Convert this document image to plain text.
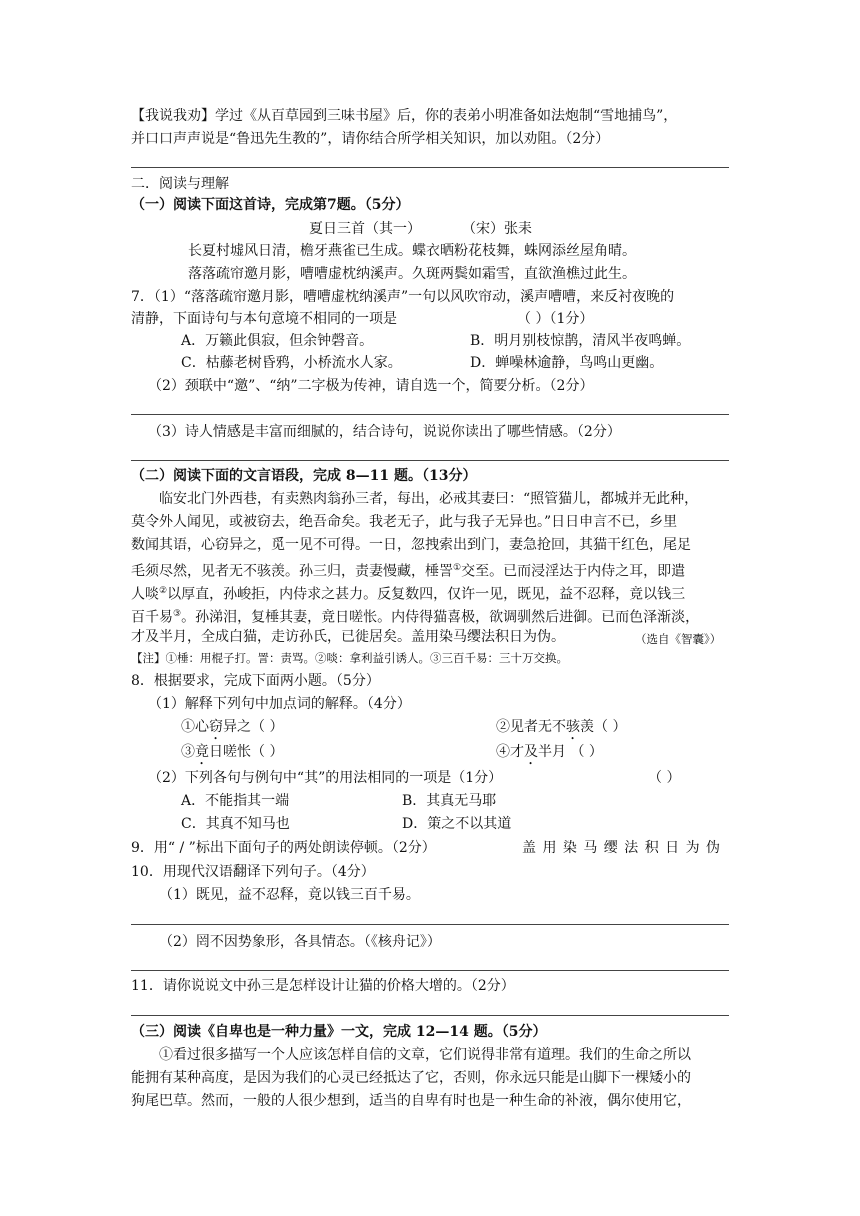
【我说我劝】学过《从百草园到三味书屋》后，你的表弟小明准备如法炮制“雪地捕鸟”，
并口口声声说是“鲁迅先生教的”，请你结合所学相关知识，加以劝阻。（2分）
二．阅读与理解
（一）阅读下面这首诗，完成第7题。（5分）
夏日三首（其一）	（宋）张耒
长夏村墟风日清，檐牙燕雀已生成。蝶衣晒粉花枝舞，蛛网添丝屋角晴。
落落疏帘邀月影，嘈嘈虚枕纳溪声。久斑两鬓如霜雪，直欲渔樵过此生。
7．（1）“落落疏帘邀月影，嘈嘈虚枕纳溪声”一句以风吹帘动，溪声嘈嘈，来反衬夜晚的
清静，下面诗句与本句意境不相同的一项是	（ ）（1分）
A．万籁此俱寂，但余钟磬音。	B．明月别枝惊鹊，清风半夜鸣蝉。
C．枯藤老树昏鸦，小桥流水人家。	D．蝉噪林逾静，鸟鸣山更幽。
（2）颈联中“邀”、“纳”二字极为传神，请自选一个，简要分析。（2分）
（3）诗人情感是丰富而细腻的，结合诗句，说说你读出了哪些情感。（2分）
（二）阅读下面的文言语段，完成 8—11 题。（13分）
临安北门外西巷，有卖熟肉翁孙三者，每出，必戒其妻曰：“照管猫儿，都城并无此种，
莫令外人闻见，或被窃去，绝吾命矣。我老无子，此与我子无异也。”日日申言不已，乡里
数闻其语，心窃异之，觅一见不可得。一日，忽拽索出到门，妻急抢回，其猫干红色，尾足
毛须尽然，见者无不骇羡。孙三归，责妻慢藏，棰詈①交至。已而浸淫达于内侍之耳，即遣
人啖②以厚直，孙峻拒，内侍求之甚力。反复数四，仅许一见，既见，益不忍释，竟以钱三
百千易③。孙涕泪，复棰其妻，竟日嗟怅。内侍得猫喜极，欲调驯然后进御。已而色泽渐淡，
才及半月，全成白猫，走访孙氏，已徙居矣。盖用染马缨法积日为伪。	（选自《智囊》）
【注】①棰：用棍子打。詈：责骂。②啖：拿利益引诱人。③三百千易：三十万交换。
8．根据要求，完成下面两小题。（5分）
（1）解释下列句中加点词的解释。（4分）
①心窃异之（ ）	②见者无不骇羡（ ）
③竟日嗟怅（ ）	④才及半月 （ ）
（2）下列各句与例句中“其”的用法相同的一项是（1分）	（ ）
A．不能指其一端	B．其真无马耶
C．其真不知马也	D．策之不以其道
9．用“ / ”标出下面句子的两处朗读停顿。（2分）	盖 用 染 马 缨 法 积 日 为 伪
10．用现代汉语翻译下列句子。（4分）
（1）既见，益不忍释，竟以钱三百千易。
（2）罔不因势象形，各具情态。（《核舟记》）
11．请你说说文中孙三是怎样设计让猫的价格大增的。（2分）
（三）阅读《自卑也是一种力量》一文，完成 12—14 题。（5分）
①看过很多描写一个人应该怎样自信的文章，它们说得非常有道理。我们的生命之所以
能拥有某种高度，是因为我们的心灵已经抵达了它，否则，你永远只能是山脚下一棵矮小的
狗尾巴草。然而，一般的人很少想到，适当的自卑有时也是一种生命的补液，偶尔使用它，
